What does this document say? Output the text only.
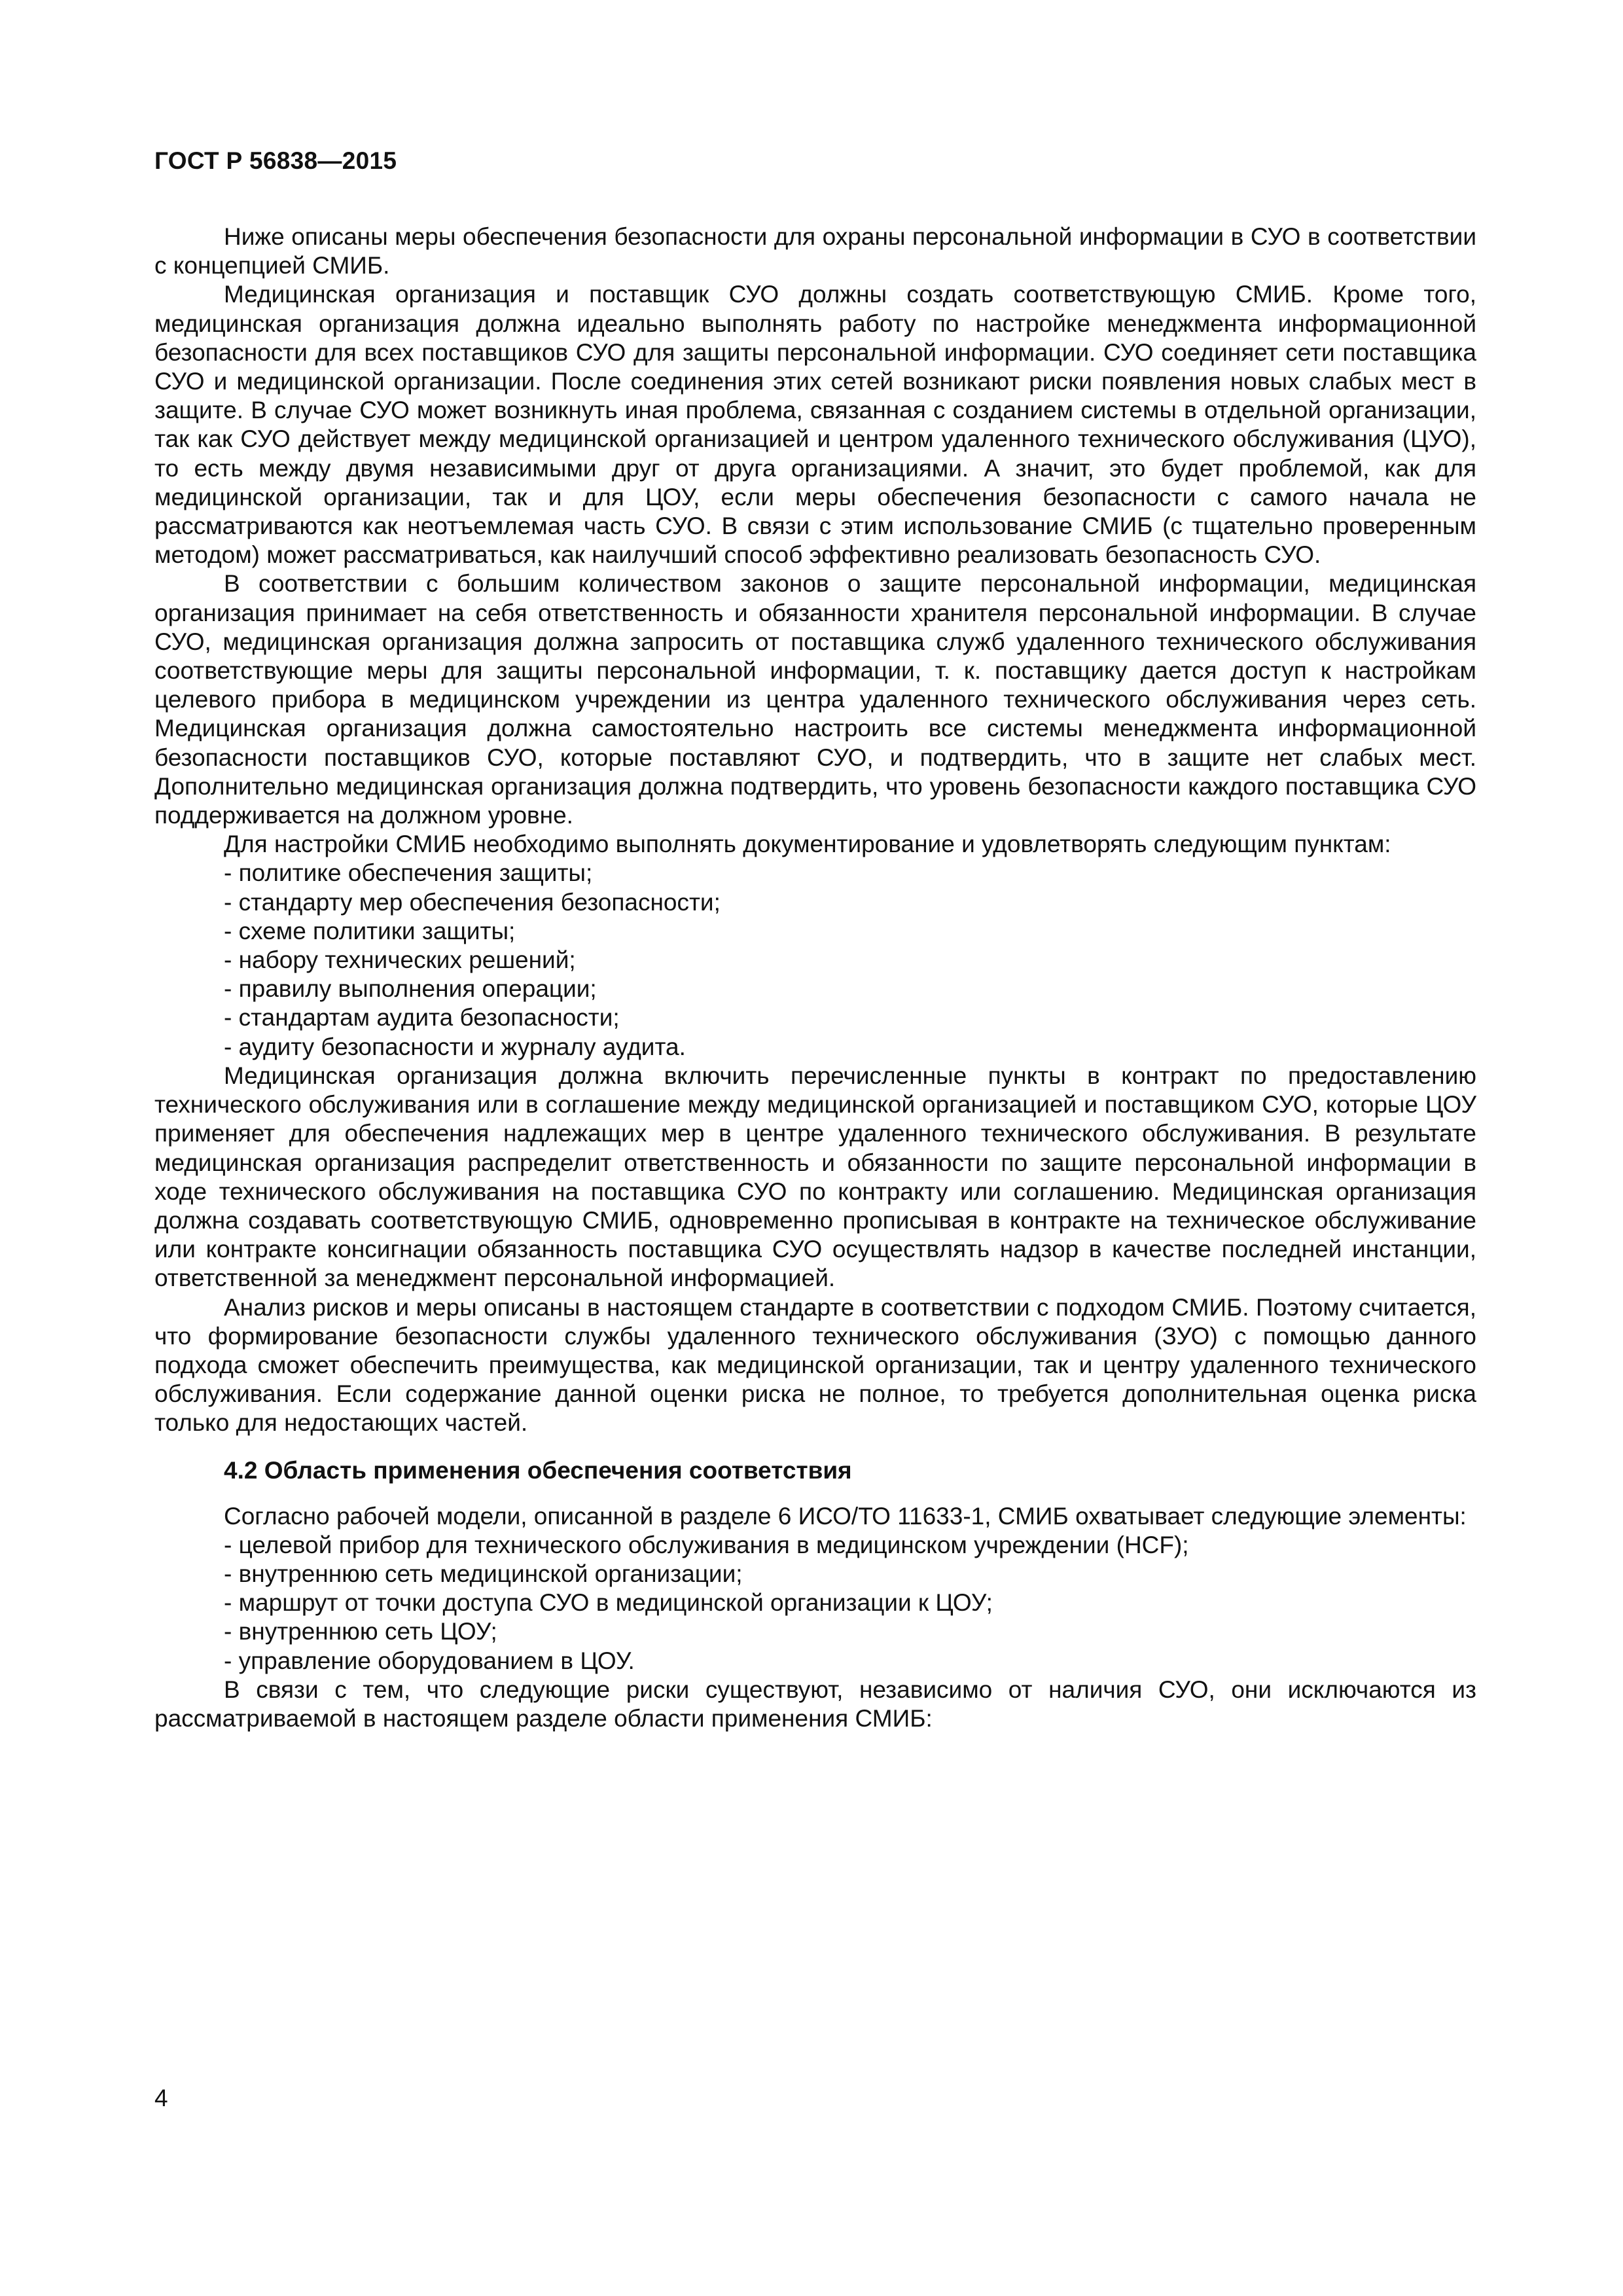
ГОСТ Р 56838—2015

Ниже описаны меры обеспечения безопасности для охраны персональной информации в СУО в соответствии с концепцией СМИБ.

Медицинская организация и поставщик СУО должны создать соответствующую СМИБ. Кроме того, медицинская организация должна идеально выполнять работу по настройке менеджмента информационной безопасности для всех поставщиков СУО для защиты персональной информации. СУО соединяет сети поставщика СУО и медицинской организации. После соединения этих сетей возникают риски появления новых слабых мест в защите. В случае СУО может возникнуть иная проблема, связанная с созданием системы в отдельной организации, так как СУО действует между медицинской организацией и центром удаленного технического обслуживания (ЦУО), то есть между двумя независимыми друг от друга организациями. А значит, это будет проблемой, как для медицинской организации, так и для ЦОУ, если меры обеспечения безопасности с самого начала не рассматриваются как неотъемлемая часть СУО. В связи с этим использование СМИБ (с тщательно проверенным методом) может рассматриваться, как наилучший способ эффективно реализовать безопасность СУО.

В соответствии с большим количеством законов о защите персональной информации, медицинская организация принимает на себя ответственность и обязанности хранителя персональной информации. В случае СУО, медицинская организация должна запросить от поставщика служб удаленного технического обслуживания соответствующие меры для защиты персональной информации, т. к. поставщику дается доступ к настройкам целевого прибора в медицинском учреждении из центра удаленного технического обслуживания через сеть. Медицинская организация должна самостоятельно настроить все системы менеджмента информационной безопасности поставщиков СУО, которые поставляют СУО, и подтвердить, что в защите нет слабых мест. Дополнительно медицинская организация должна подтвердить, что уровень безопасности каждого поставщика СУО поддерживается на должном уровне.

Для настройки СМИБ необходимо выполнять документирование и удовлетворять следующим пунктам:

- политике обеспечения защиты;
- стандарту мер обеспечения безопасности;
- схеме политики защиты;
- набору технических решений;
- правилу выполнения операции;
- стандартам аудита безопасности;
- аудиту безопасности и журналу аудита.

Медицинская организация должна включить перечисленные пункты в контракт по предоставлению технического обслуживания или в соглашение между медицинской организацией и поставщиком СУО, которые ЦОУ применяет для обеспечения надлежащих мер в центре удаленного технического обслуживания. В результате медицинская организация распределит ответственность и обязанности по защите персональной информации в ходе технического обслуживания на поставщика СУО по контракту или соглашению. Медицинская организация должна создавать соответствующую СМИБ, одновременно прописывая в контракте на техническое обслуживание или контракте консигнации обязанность поставщика СУО осуществлять надзор в качестве последней инстанции, ответственной за менеджмент персональной информацией.

Анализ рисков и меры описаны в настоящем стандарте в соответствии с подходом СМИБ. Поэтому считается, что формирование безопасности службы удаленного технического обслуживания (ЗУО) с помощью данного подхода сможет обеспечить преимущества, как медицинской организации, так и центру удаленного технического обслуживания. Если содержание данной оценки риска не полное, то требуется дополнительная оценка риска только для недостающих частей.

4.2 Область применения обеспечения соответствия

Согласно рабочей модели, описанной в разделе 6 ИСО/ТО 11633-1, СМИБ охватывает следующие элементы:

- целевой прибор для технического обслуживания в медицинском учреждении (HCF);
- внутреннюю сеть медицинской организации;
- маршрут от точки доступа СУО в медицинской организации к ЦОУ;
- внутреннюю сеть ЦОУ;
- управление оборудованием в ЦОУ.

В связи с тем, что следующие риски существуют, независимо от наличия СУО, они исключаются из рассматриваемой в настоящем разделе области применения СМИБ:

4
